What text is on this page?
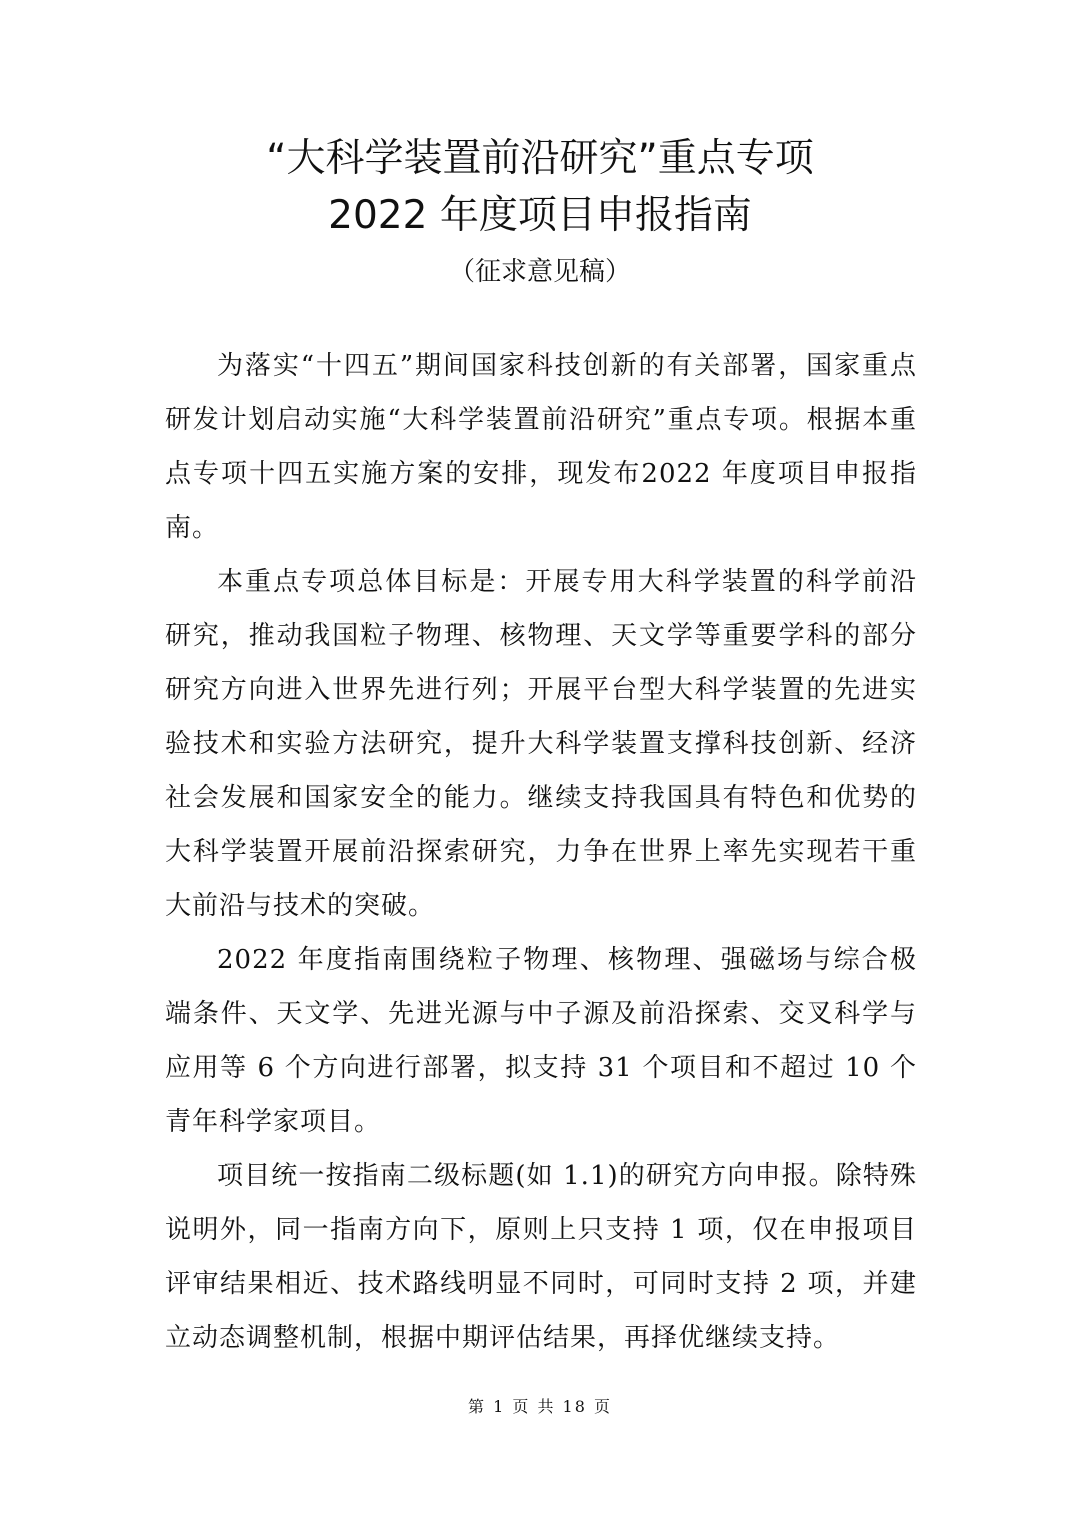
“大科学装置前沿研究”重点专项
2022 年度项目申报指南
（征求意见稿）

为落实“十四五”期间国家科技创新的有关部署，国家重点研发计划启动实施“大科学装置前沿研究”重点专项。根据本重点专项十四五实施方案的安排，现发布2022 年度项目申报指南。

本重点专项总体目标是：开展专用大科学装置的科学前沿研究，推动我国粒子物理、核物理、天文学等重要学科的部分研究方向进入世界先进行列；开展平台型大科学装置的先进实验技术和实验方法研究，提升大科学装置支撑科技创新、经济社会发展和国家安全的能力。继续支持我国具有特色和优势的大科学装置开展前沿探索研究，力争在世界上率先实现若干重大前沿与技术的突破。

2022 年度指南围绕粒子物理、核物理、强磁场与综合极端条件、天文学、先进光源与中子源及前沿探索、交叉科学与应用等 6 个方向进行部署，拟支持 31 个项目和不超过 10 个青年科学家项目。

项目统一按指南二级标题(如 1.1)的研究方向申报。除特殊说明外，同一指南方向下，原则上只支持 1 项，仅在申报项目评审结果相近、技术路线明显不同时，可同时支持 2 项，并建立动态调整机制，根据中期评估结果，再择优继续支持。

第 1 页 共 18 页
